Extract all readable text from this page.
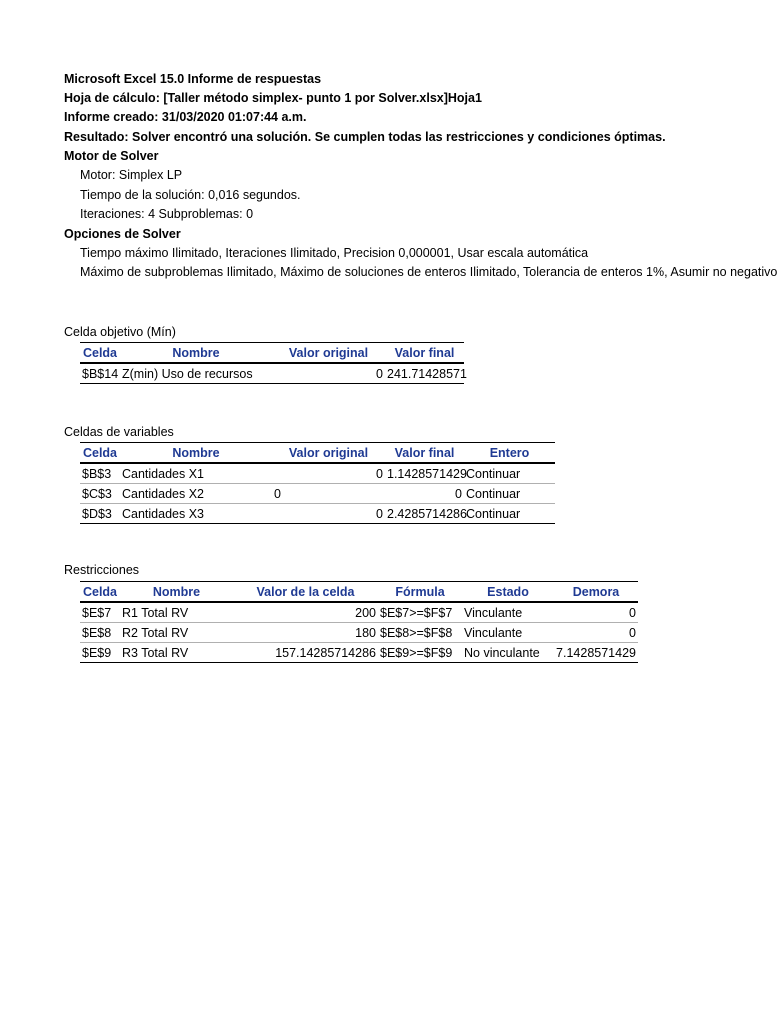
Microsoft Excel 15.0 Informe de respuestas
Hoja de cálculo: [Taller método simplex- punto 1 por Solver.xlsx]Hoja1
Informe creado: 31/03/2020 01:07:44 a.m.
Resultado: Solver encontró una solución. Se cumplen todas las restricciones y condiciones óptimas.
Motor de Solver
Motor: Simplex LP
Tiempo de la solución: 0,016 segundos.
Iteraciones: 4 Subproblemas: 0
Opciones de Solver
Tiempo máximo Ilimitado, Iteraciones Ilimitado, Precision 0,000001, Usar escala automática
Máximo de subproblemas Ilimitado, Máximo de soluciones de enteros Ilimitado, Tolerancia de enteros 1%, Asumir no negativo
Celda objetivo (Mín)
Celda	Nombre	Valor original	Valor final
$B$14	Z(min) Uso de recursos	0	241.71428571
Celdas de variables
Celda	Nombre	Valor original	Valor final	Entero
$B$3	Cantidades X1	0	1.1428571429	Continuar
$C$3	Cantidades X2	0	0	Continuar
$D$3	Cantidades X3	0	2.4285714286	Continuar
Restricciones
Celda	Nombre	Valor de la celda	Fórmula	Estado	Demora
$E$7	R1 Total RV	200	$E$7>=$F$7	Vinculante	0
$E$8	R2 Total RV	180	$E$8>=$F$8	Vinculante	0
$E$9	R3 Total RV	157.14285714286	$E$9>=$F$9	No vinculante	7.1428571429
